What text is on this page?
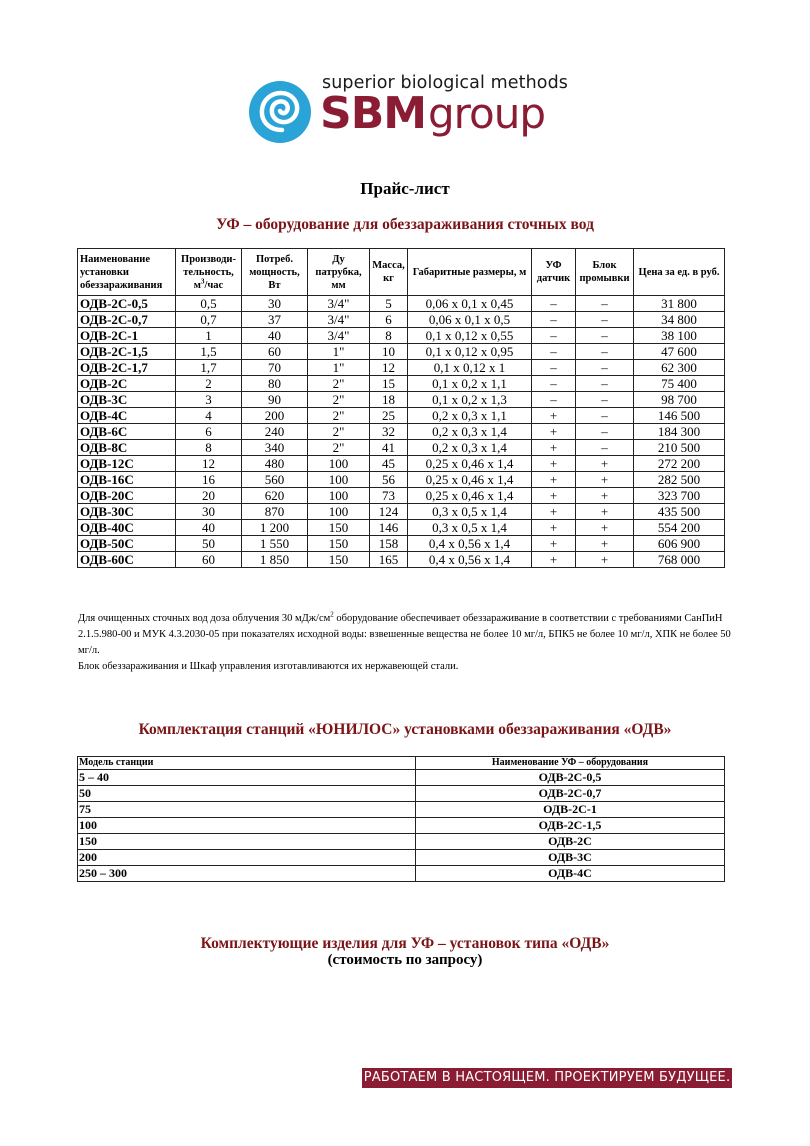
superior biological methods
SBMgroup
Прайс-лист
УФ – оборудование для обеззараживания сточных вод
Наименование установки обеззараживания	Производи-тельность, $м^3$/час	Потреб. мощность, Вт	Ду патрубка, мм	Масса, кг	Габаритные размеры, м	УФ датчик	Блок промывки	Цена за ед. в руб.
ОДВ-2С-0,5	0,5	30	3/4"	5	0,06 x 0,1 x 0,45	–	–	31 800
ОДВ-2С-0,7	0,7	37	3/4"	6	0,06 x 0,1 x 0,5	–	–	34 800
ОДВ-2С-1	1	40	3/4"	8	0,1 x 0,12 x 0,55	–	–	38 100
ОДВ-2С-1,5	1,5	60	1"	10	0,1 x 0,12 x 0,95	–	–	47 600
ОДВ-2С-1,7	1,7	70	1"	12	0,1 x 0,12 x 1	–	–	62 300
ОДВ-2С	2	80	2"	15	0,1 x 0,2 x 1,1	–	–	75 400
ОДВ-3С	3	90	2"	18	0,1 x 0,2 x 1,3	–	–	98 700
ОДВ-4С	4	200	2"	25	0,2 x 0,3 x 1,1	+	–	146 500
ОДВ-6С	6	240	2"	32	0,2 x 0,3 x 1,4	+	–	184 300
ОДВ-8С	8	340	2"	41	0,2 x 0,3 x 1,4	+	–	210 500
ОДВ-12С	12	480	100	45	0,25 x 0,46 x 1,4	+	+	272 200
ОДВ-16С	16	560	100	56	0,25 x 0,46 x 1,4	+	+	282 500
ОДВ-20С	20	620	100	73	0,25 x 0,46 x 1,4	+	+	323 700
ОДВ-30С	30	870	100	124	0,3 x 0,5 x 1,4	+	+	435 500
ОДВ-40С	40	1 200	150	146	0,3 x 0,5 x 1,4	+	+	554 200
ОДВ-50С	50	1 550	150	158	0,4 x 0,56 x 1,4	+	+	606 900
ОДВ-60С	60	1 850	150	165	0,4 x 0,56 x 1,4	+	+	768 000

Для очищенных сточных вод доза облучения 30 мДж/$см^2$ оборудование обеспечивает обеззараживание в соответствии с требованиями СанПиН 2.1.5.980-00 и МУК 4.3.2030-05 при показателях исходной воды: взвешенные вещества не более 10 мг/л, БПК5 не более 10 мг/л, ХПК не более 50 мг/л.

Блок обеззараживания и Шкаф управления изготавливаются их нержавеющей стали.

Комплектация станций «ЮНИЛОС» установками обеззараживания «ОДВ»
Модель станции	Наименование УФ – оборудования
5 – 40	ОДВ-2С-0,5
50	ОДВ-2С-0,7
75	ОДВ-2С-1
100	ОДВ-2С-1,5
150	ОДВ-2С
200	ОДВ-3С
250 – 300	ОДВ-4С
Комплектующие изделия для УФ – установок типа «ОДВ»
(стоимость по запросу)
РАБОТАЕМ В НАСТОЯЩЕМ. ПРОЕКТИРУЕМ БУДУЩЕЕ.
